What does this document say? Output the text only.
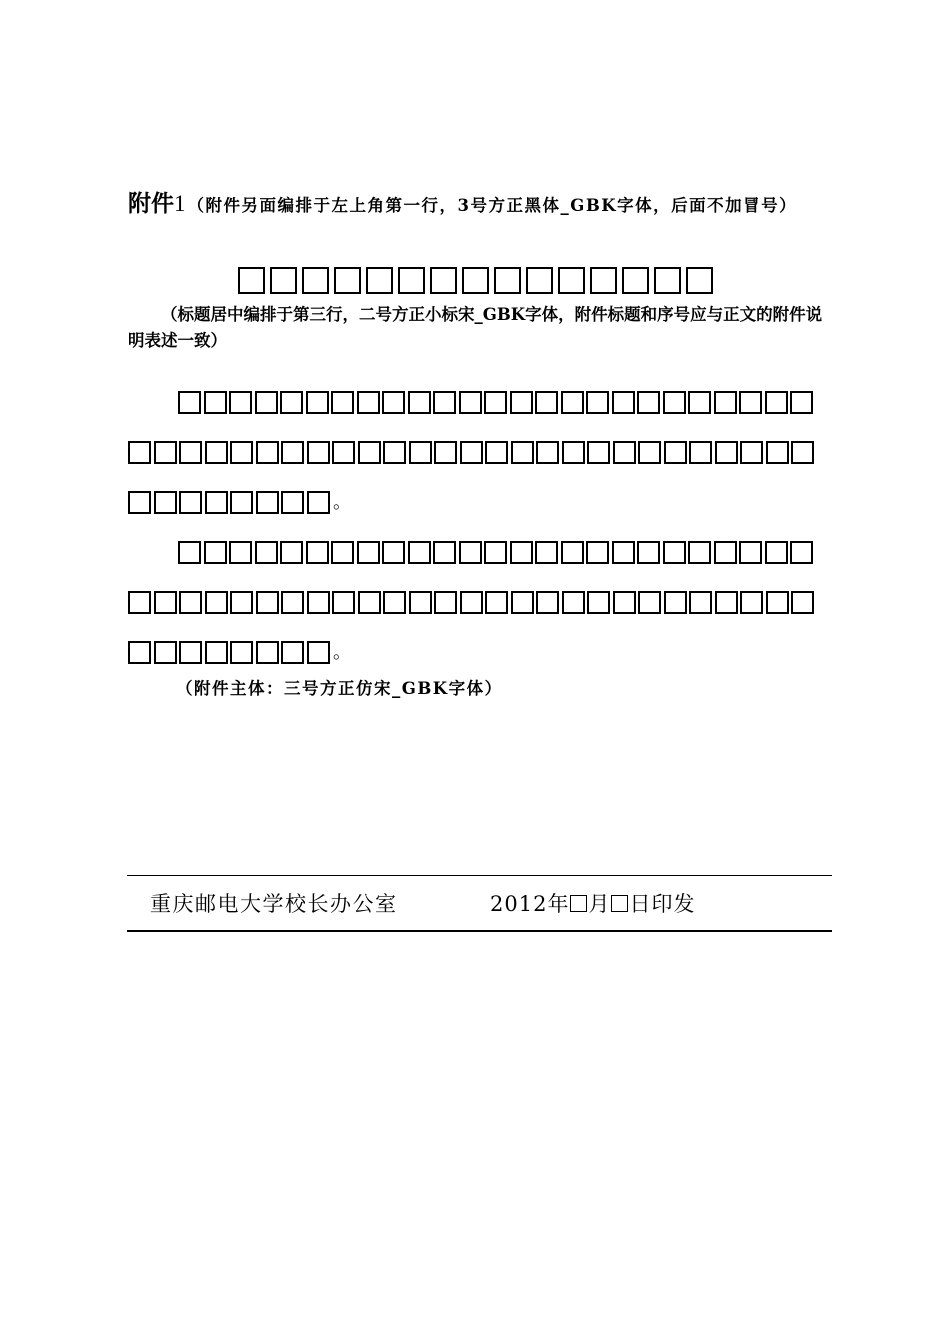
附件1 （附件另面编排于左上角第一行，3号方正黑体_GBK字体，后面不加冒号）
（标题居中编排于第三行，二号方正小标宋_GBK字体，附件标题和序号应与正文的附件说明表述一致）
。
。
（附件主体：三号方正仿宋_GBK字体）
重庆邮电大学校长办公室	2012年 月 日印发
